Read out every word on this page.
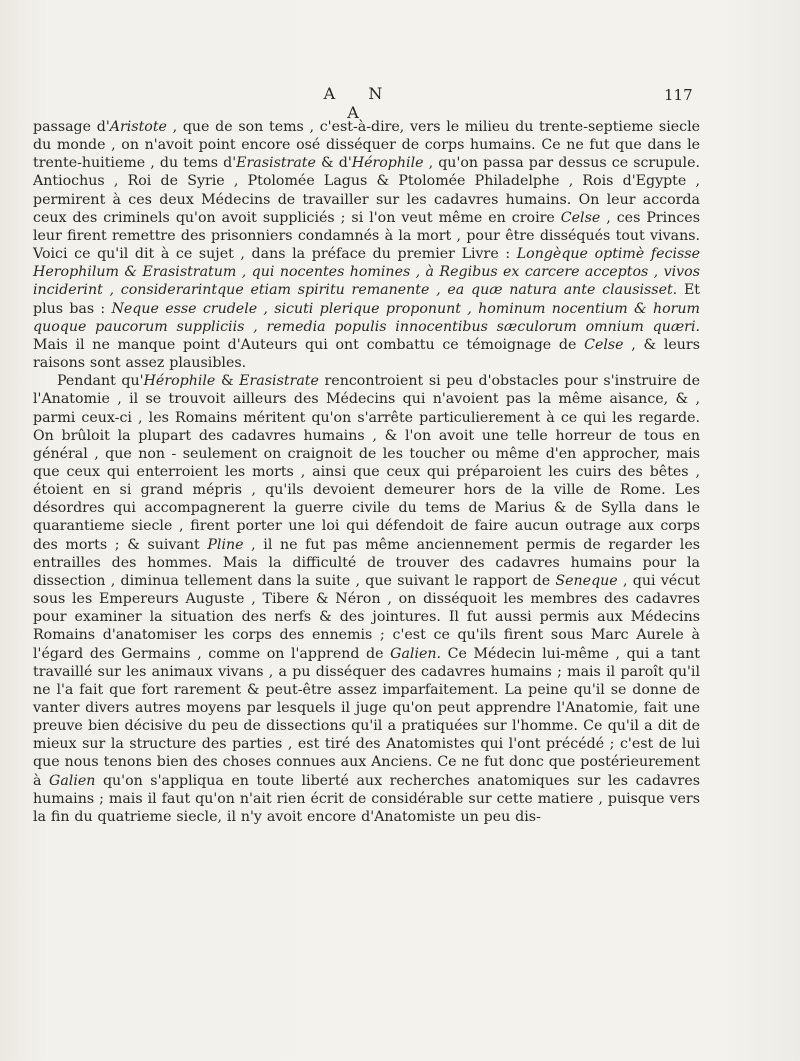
A N A
117

passage d'Aristote , que de son tems , c'est-à-dire, vers le milieu du trente-septieme siecle du monde , on n'avoit point encore osé disséquer de corps humains. Ce ne fut que dans le trente-huitieme , du tems d'Erasistrate & d'Hérophile , qu'on passa par dessus ce scrupule. Antiochus , Roi de Syrie , Ptolomée Lagus & Ptolomée Philadelphe , Rois d'Egypte , permirent à ces deux Médecins de travailler sur les cadavres humains. On leur accorda ceux des criminels qu'on avoit suppliciés ; si l'on veut même en croire Celse , ces Princes leur firent remettre des prisonniers condamnés à la mort , pour être disséqués tout vivans. Voici ce qu'il dit à ce sujet , dans la préface du premier Livre : Longèque optimè fecisse Herophilum & Erasistratum , qui nocentes homines , à Regibus ex carcere acceptos , vivos inciderint , considerarintque etiam spiritu remanente , ea quæ natura ante clausisset. Et plus bas : Neque esse crudele , sicuti plerique proponunt , hominum nocentium & horum quoque paucorum suppliciis , remedia populis innocentibus sæculorum omnium quæri. Mais il ne manque point d'Auteurs qui ont combattu ce témoignage de Celse , & leurs raisons sont assez plausibles.

Pendant qu'Hérophile & Erasistrate rencontroient si peu d'obstacles pour s'instruire de l'Anatomie , il se trouvoit ailleurs des Médecins qui n'avoient pas la même aisance, & , parmi ceux-ci , les Romains méritent qu'on s'arrête particulierement à ce qui les regarde. On brûloit la plupart des cadavres humains , & l'on avoit une telle horreur de tous en général , que non - seulement on craignoit de les toucher ou même d'en approcher, mais que ceux qui enterroient les morts , ainsi que ceux qui préparoient les cuirs des bêtes , étoient en si grand mépris , qu'ils devoient demeurer hors de la ville de Rome. Les désordres qui accompagnerent la guerre civile du tems de Marius & de Sylla dans le quarantieme siecle , firent porter une loi qui défendoit de faire aucun outrage aux corps des morts ; & suivant Pline , il ne fut pas même anciennement permis de regarder les entrailles des hommes. Mais la difficulté de trouver des cadavres humains pour la dissection , diminua tellement dans la suite , que suivant le rapport de Seneque , qui vécut sous les Empereurs Auguste , Tibere & Néron , on disséquoit les membres des cadavres pour examiner la situation des nerfs & des jointures. Il fut aussi permis aux Médecins Romains d'anatomiser les corps des ennemis ; c'est ce qu'ils firent sous Marc Aurele à l'égard des Germains , comme on l'apprend de Galien. Ce Médecin lui-même , qui a tant travaillé sur les animaux vivans , a pu disséquer des cadavres humains ; mais il paroît qu'il ne l'a fait que fort rarement & peut-être assez imparfaitement. La peine qu'il se donne de vanter divers autres moyens par lesquels il juge qu'on peut apprendre l'Anatomie, fait une preuve bien décisive du peu de dissections qu'il a pratiquées sur l'homme. Ce qu'il a dit de mieux sur la structure des parties , est tiré des Anatomistes qui l'ont précédé ; c'est de lui que nous tenons bien des choses connues aux Anciens. Ce ne fut donc que postérieurement à Galien qu'on s'appliqua en toute liberté aux recherches anatomiques sur les cadavres humains ; mais il faut qu'on n'ait rien écrit de considérable sur cette matiere , puisque vers la fin du quatrieme siecle, il n'y avoit encore d'Anatomiste un peu dis-
